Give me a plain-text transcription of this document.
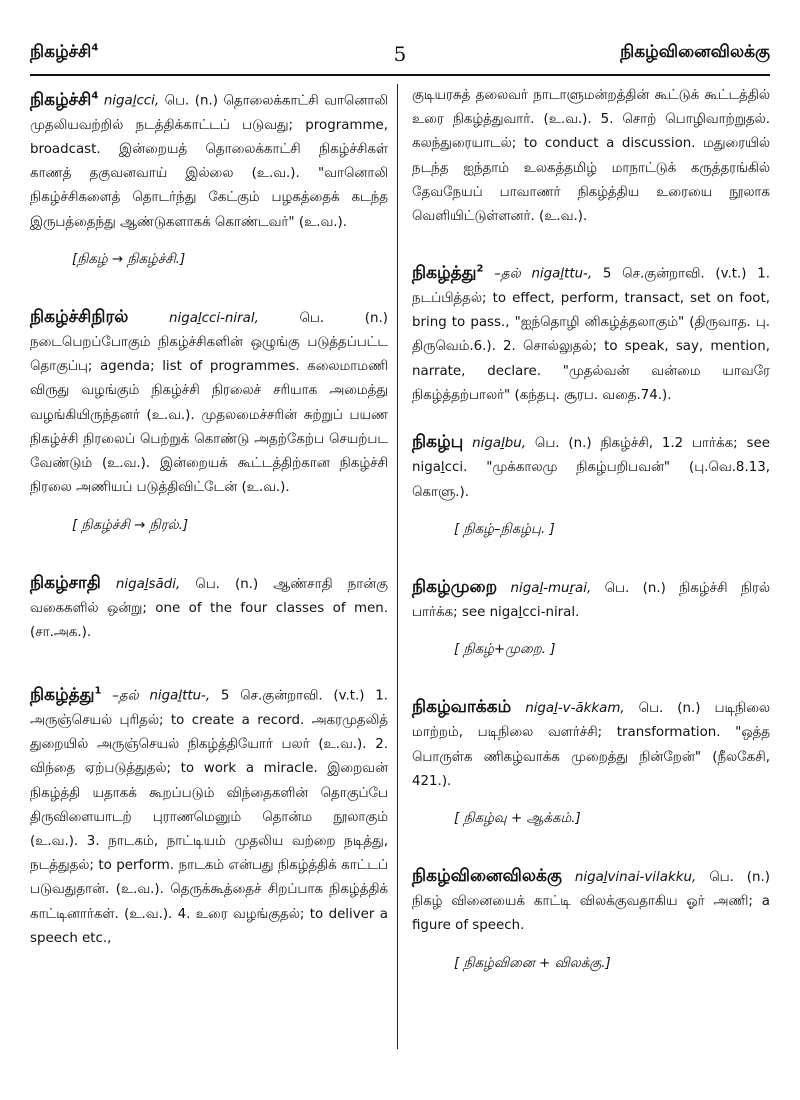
நிகழ்ச்சி$^4$	5	நிகழ்வினைவிலக்கு
நிகழ்ச்சி$^4$ nigaḻcci, பெ. (n.) தொலைக்காட்சி வானொலி முதலியவற்றில் நடத்திக்காட்டப் படுவது; programme, broadcast. இன்றையத் தொலைக்காட்சி நிகழ்ச்சிகள் காணத் தகுவனவாய் இல்லை (உ.வ.). "வானொலி நிகழ்ச்சிகளைத் தொடர்ந்து கேட்கும் பழகத்தைக் கடந்த இருபத்தைந்து ஆண்டுகளாகக் கொண்டவர்" (உ.வ.).
[நிகழ் → நிகழ்ச்சி.]
நிகழ்ச்சிநிரல்	nigaḻcci-niral,	பெ. (n.) நடைபெறப்போகும் நிகழ்ச்சிகளின் ஒழுங்கு படுத்தப்பட்ட தொகுப்பு; agenda; list of programmes. கலைமாமணி விருது வழங்கும் நிகழ்ச்சி நிரலைச் சரியாக அமைத்து வழங்கியிருந்தனர் (உ.வ.). முதலமைச்சரின் சுற்றுப் பயண நிகழ்ச்சி நிரலைப் பெற்றுக் கொண்டு அதற்கேற்ப செயற்பட வேண்டும் (உ.வ.). இன்றையக் கூட்டத்திற்கான நிகழ்ச்சி நிரலை அணியப் படுத்திவிட்டேன் (உ.வ.).
[ நிகழ்ச்சி → நிரல்.]
நிகழ்சாதி nigaḻsādi, பெ. (n.) ஆண்சாதி நான்கு வகைகளில் ஒன்று; one of the four classes of men. (சா.அக.).
நிகழ்த்து$^1$ –தல் nigaḻttu-, 5 செ.குன்றாவி. (v.t.) 1. அருஞ்செயல் புரிதல்; to create a record. அகரமுதலித் துறையில் அருஞ்செயல் நிகழ்த்தியோர் பலர் (உ.வ.). 2. விந்தை ஏற்படுத்துதல்; to work a miracle. இறைவன் நிகழ்த்தி யதாகக் கூறப்படும் விந்தைகளின் தொகுப்பே திருவிளையாடற் புராணமெனும் தொன்ம நூலாகும் (உ.வ.). 3. நாடகம், நாட்டியம் முதலிய வற்றை நடித்து, நடத்துதல்; to perform. நாடகம் என்பது நிகழ்த்திக் காட்டப் படுவதுதான். (உ.வ.). தெருக்கூத்தைச் சிறப்பாக நிகழ்த்திக் காட்டினார்கள். (உ.வ.). 4. உரை வழங்குதல்; to deliver a speech etc.,
குடியரசுத் தலைவர் நாடாளுமன்றத்தின் கூட்டுக் கூட்டத்தில் உரை நிகழ்த்துவார். (உ.வ.). 5. சொற் பொழிவாற்றுதல். கலந்துரையாடல்; to conduct a discussion. மதுரையில் நடந்த ஐந்தாம் உலகத்தமிழ் மாநாட்டுக் கருத்தரங்கில் தேவநேயப் பாவாணர் நிகழ்த்திய உரையை நூலாக வெளியிட்டுள்ளனர். (உ.வ.).
நிகழ்த்து$^2$ –தல் nigaḻttu-, 5 செ.குன்றாவி. (v.t.) 1. நடப்பித்தல்; to effect, perform, transact, set on foot, bring to pass., "ஐந்தொழி னிகழ்த்தலாகும்" (திருவாத. பு. திருவெம்.6.). 2. சொல்லுதல்; to speak, say, mention, narrate, declare. "முதல்வன் வன்மை யாவரே நிகழ்த்தற்பாலர்" (கந்தபு. சூரப. வதை.74.).
நிகழ்பு nigaḻbu, பெ. (n.) நிகழ்ச்சி, 1.2 பார்க்க; see nigaḻcci. "முக்காலமு நிகழ்பறிபவன்" (பு.வெ.8.13, கொளு.).
[ நிகழ்–நிகழ்பு. ]
நிகழ்முறை nigaḻ-muṟai, பெ. (n.) நிகழ்ச்சி நிரல் பார்க்க; see nigaḻcci-niral.
[ நிகழ்+முறை. ]
நிகழ்வாக்கம் nigaḻ-v-ākkam, பெ. (n.) படிநிலை மாற்றம், படிநிலை வளர்ச்சி; transformation. "ஒத்த பொருள்க ணிகழ்வாக்க முறைத்து நின்றேன்" (நீலகேசி, 421.).
[ நிகழ்வு + ஆக்கம்.]
நிகழ்வினைவிலக்கு nigaḻvinai-vilakku, பெ. (n.) நிகழ் வினையைக் காட்டி விலக்குவதாகிய ஓர் அணி; a figure of speech.
[ நிகழ்வினை + விலக்கு.]
